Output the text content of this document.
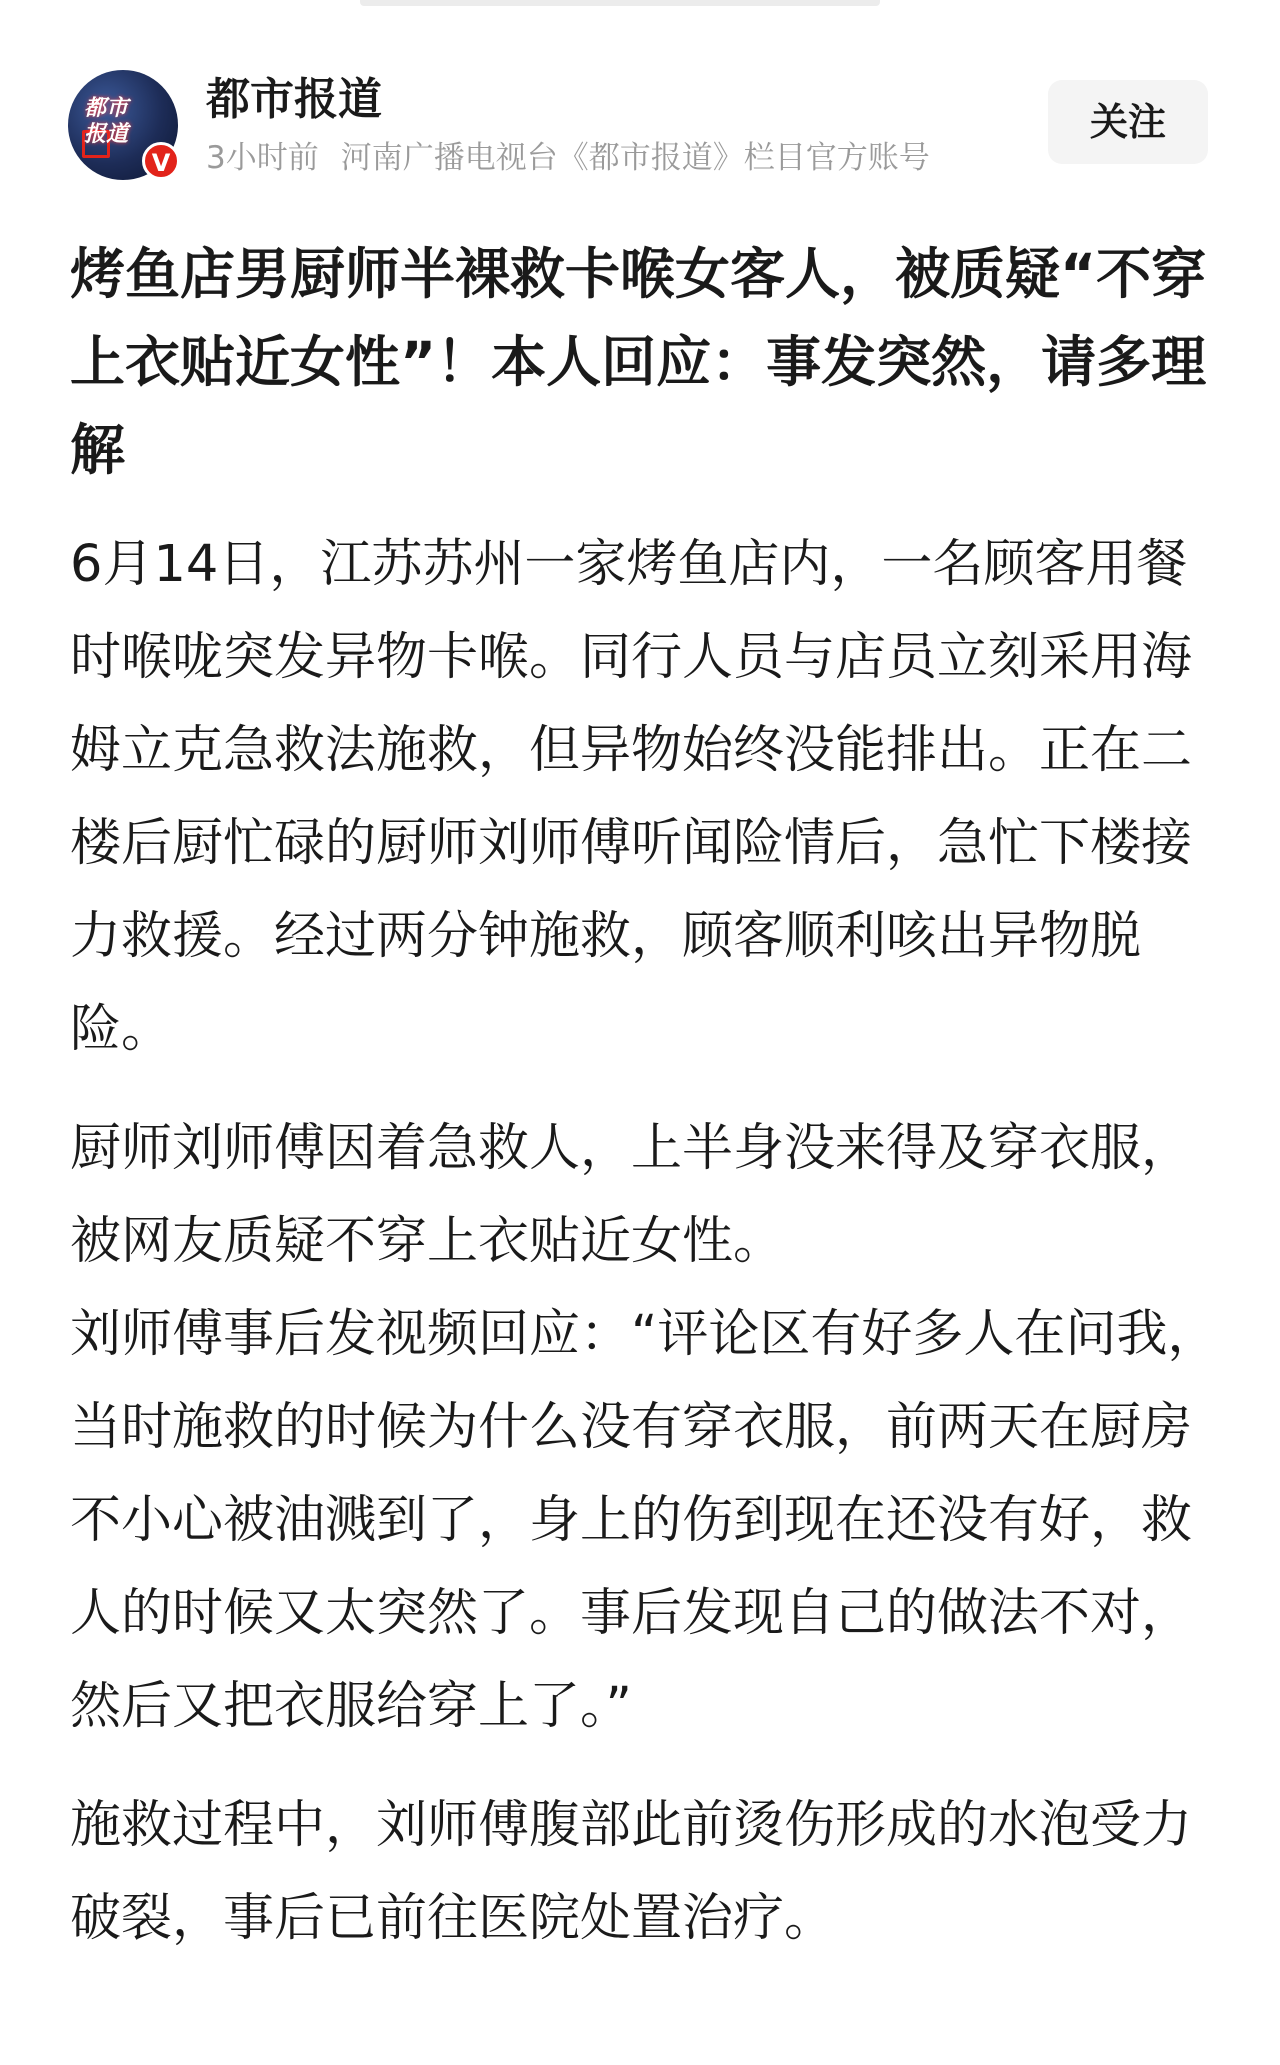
都市
报道
V
都市报道
3小时前 河南广播电视台《都市报道》栏目官方账号
关注
烤鱼店男厨师半裸救卡喉女客人，被质疑“不穿上衣贴近女性”！本人回应：事发突然，请多理解

6月14日，江苏苏州一家烤鱼店内，一名顾客用餐时喉咙突发异物卡喉。同行人员与店员立刻采用海姆立克急救法施救，但异物始终没能排出。正在二楼后厨忙碌的厨师刘师傅听闻险情后，急忙下楼接力救援。经过两分钟施救，顾客顺利咳出异物脱险。

厨师刘师傅因着急救人，上半身没来得及穿衣服，被网友质疑不穿上衣贴近女性。

刘师傅事后发视频回应：“评论区有好多人在问我，当时施救的时候为什么没有穿衣服，前两天在厨房不小心被油溅到了，身上的伤到现在还没有好，救人的时候又太突然了。事后发现自己的做法不对，然后又把衣服给穿上了。”

施救过程中，刘师傅腹部此前烫伤形成的水泡受力破裂，事后已前往医院处置治疗。
